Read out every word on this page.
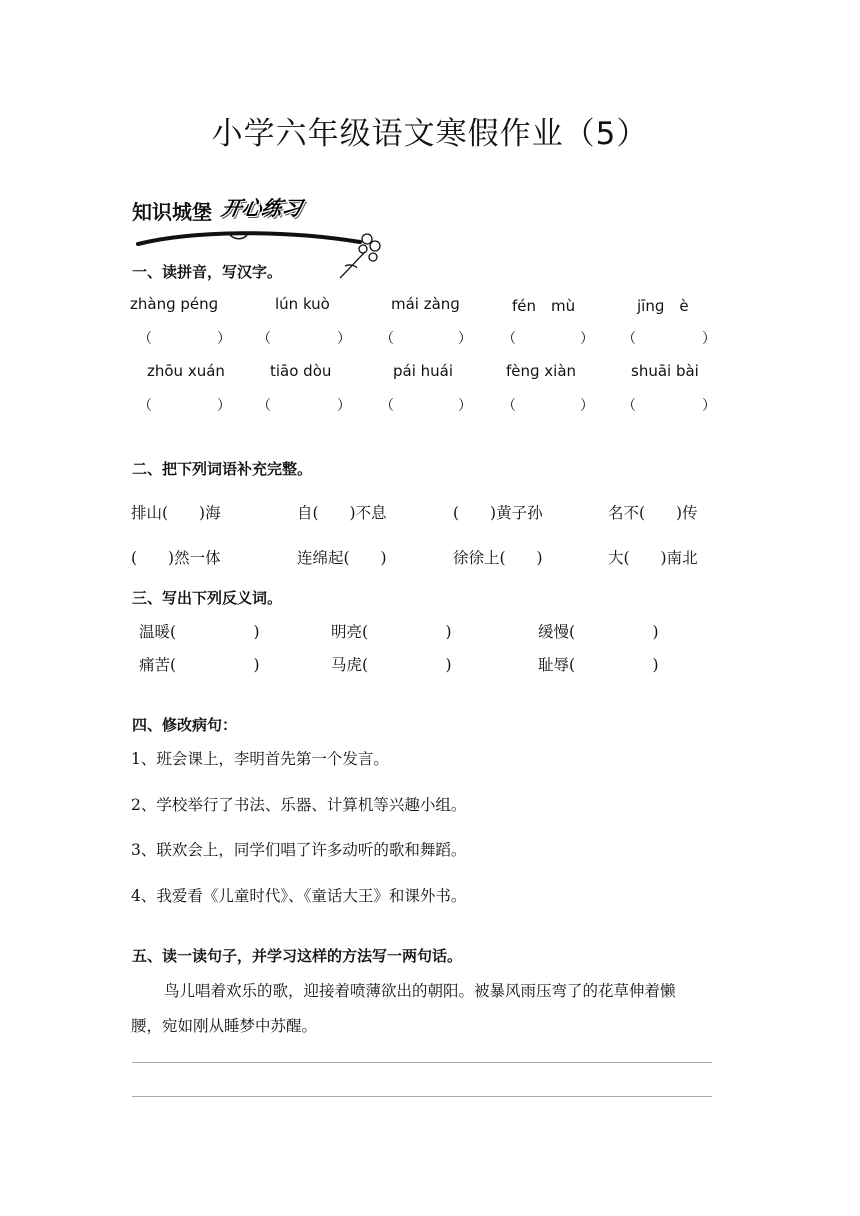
小学六年级语文寒假作业（5）
知识城堡 开心练习
一、读拼音，写汉字。
zhànɡ pénɡ	lún kuò	mái zànɡ	fén　mù	jīnɡ　è
（	） （	） （	） （	） （	）
zhōu xuán	tiāo dòu	pái huái	fènɡ xiàn	shuāi bài
（	） （	） （	） （	） （	）
二、把下列词语补充完整。
排山(　　)海	自(　　)不息	(　　)黄子孙	名不(　　)传
(　　)然一体	连绵起(　　)	徐徐上(　　)	大(　　)南北
三、写出下列反义词。
温暖(　　　　　)	明亮(　　　　　)	缓慢(　　　　　)
痛苦(　　　　　)	马虎(　　　　　)	耻辱(　　　　　)
四、修改病句：
1、班会课上，李明首先第一个发言。
2、学校举行了书法、乐器、计算机等兴趣小组。
3、联欢会上，同学们唱了许多动听的歌和舞蹈。
4、我爱看《儿童时代》、《童话大王》和课外书。
五、读一读句子，并学习这样的方法写一两句话。
鸟儿唱着欢乐的歌，迎接着喷薄欲出的朝阳。被暴风雨压弯了的花草伸着懒
腰，宛如刚从睡梦中苏醒。
